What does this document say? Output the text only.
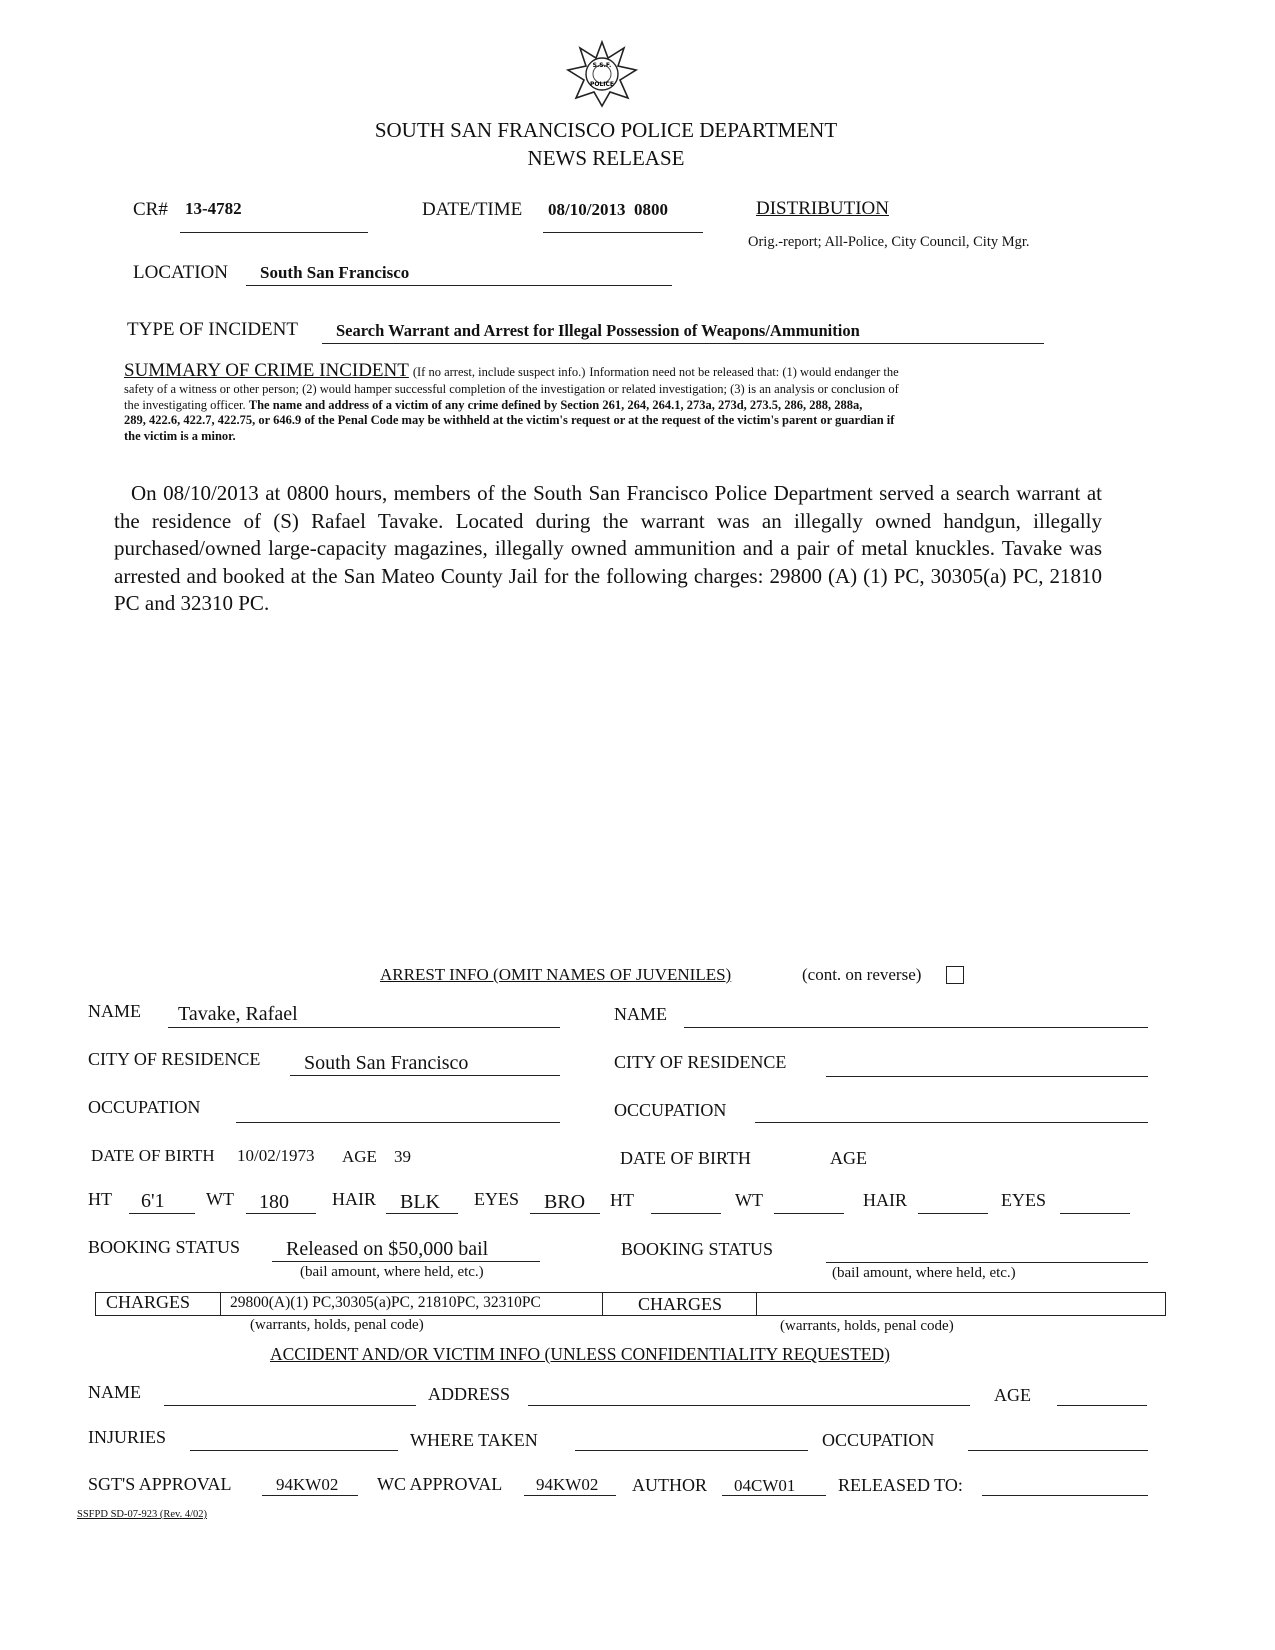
S.S.F.
POLICE
SOUTH SAN FRANCISCO POLICE DEPARTMENT
NEWS RELEASE
CR# 13-4782	DATE/TIME 08/10/2013  0800	DISTRIBUTION
Orig.-report; All-Police, City Council, City Mgr.
LOCATION South San Francisco
TYPE OF INCIDENT Search Warrant and Arrest for Illegal Possession of Weapons/Ammunition
SUMMARY OF CRIME INCIDENT (If no arrest, include suspect info.) Information need not be released that: (1) would endanger the
safety of a witness or other person; (2) would hamper successful completion of the investigation or related investigation; (3) is an analysis or conclusion of
the investigating officer. The name and address of a victim of any crime defined by Section 261, 264, 264.1, 273a, 273d, 273.5, 286, 288, 288a,
289, 422.6, 422.7, 422.75, or 646.9 of the Penal Code may be withheld at the victim's request or at the request of the victim's parent or guardian if
the victim is a minor.
On 08/10/2013 at 0800 hours, members of the South San Francisco Police Department served a search warrant at the residence of (S) Rafael Tavake. Located during the warrant was an illegally owned handgun, illegally purchased/owned large-capacity magazines, illegally owned ammunition and a pair of metal knuckles. Tavake was arrested and booked at the San Mateo County Jail for the following charges: 29800 (A) (1) PC, 30305(a) PC, 21810 PC and 32310 PC.
ARREST INFO (OMIT NAMES OF JUVENILES)	(cont. on reverse)
NAME Tavake, Rafael	NAME
CITY OF RESIDENCE South San Francisco	CITY OF RESIDENCE
OCCUPATION	OCCUPATION
DATE OF BIRTH 10/02/1973 AGE 39	DATE OF BIRTH	AGE
HT 6'1 WT 180 HAIR BLK EYES BRO HT	WT	HAIR	EYES
BOOKING STATUS Released on $50,000 bail
(bail amount, where held, etc.)
BOOKING STATUS
(bail amount, where held, etc.)
CHARGES	29800(A)(1) PC,30305(a)PC, 21810PC, 32310PC	CHARGES
(warrants, holds, penal code)	(warrants, holds, penal code)
ACCIDENT AND/OR VICTIM INFO (UNLESS CONFIDENTIALITY REQUESTED)
NAME	ADDRESS	AGE
INJURIES	WHERE TAKEN	OCCUPATION
SGT'S APPROVAL	94KW02 WC APPROVAL 94KW02 AUTHOR 04CW01 RELEASED TO:
SSFPD SD-07-923 (Rev. 4/02)
